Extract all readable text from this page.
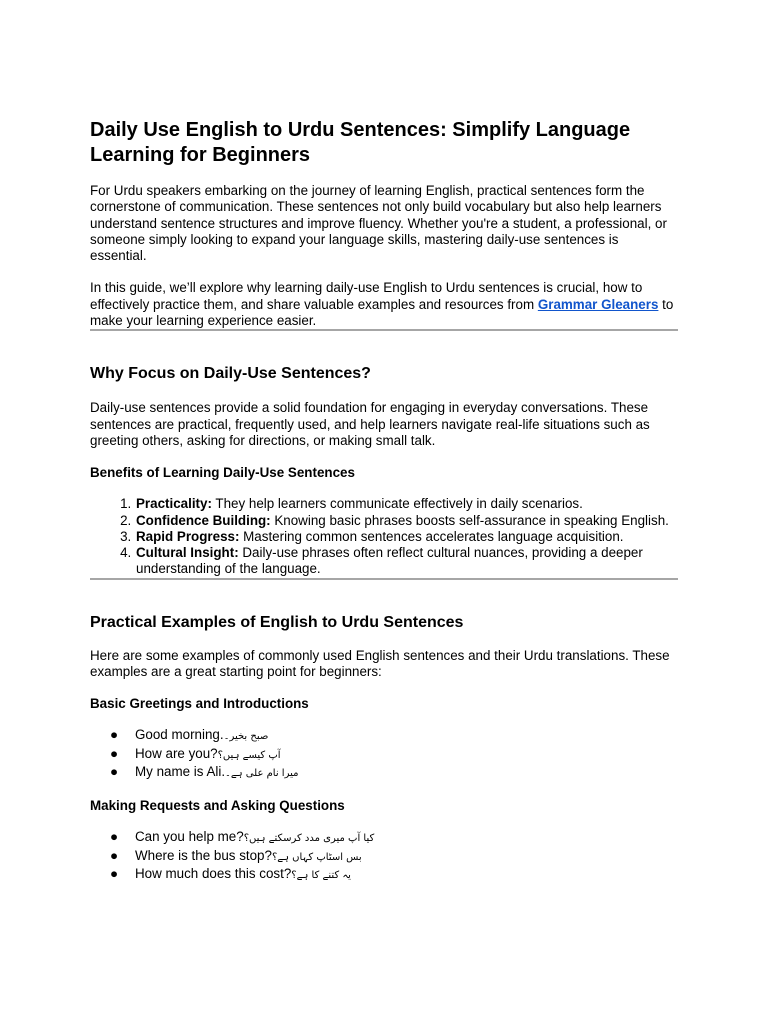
Daily Use English to Urdu Sentences: Simplify Language Learning for Beginners

For Urdu speakers embarking on the journey of learning English, practical sentences form the cornerstone of communication. These sentences not only build vocabulary but also help learners understand sentence structures and improve fluency. Whether you're a student, a professional, or someone simply looking to expand your language skills, mastering daily-use sentences is essential.

In this guide, we’ll explore why learning daily-use English to Urdu sentences is crucial, how to effectively practice them, and share valuable examples and resources from Grammar Gleaners to make your learning experience easier.

Why Focus on Daily-Use Sentences?

Daily-use sentences provide a solid foundation for engaging in everyday conversations. These sentences are practical, frequently used, and help learners navigate real-life situations such as greeting others, asking for directions, or making small talk.

Benefits of Learning Daily-Use Sentences
1. Practicality: They help learners communicate effectively in daily scenarios.
2. Confidence Building: Knowing basic phrases boosts self-assurance in speaking English.
3. Rapid Progress: Mastering common sentences accelerates language acquisition.
4. Cultural Insight: Daily-use phrases often reflect cultural nuances, providing a deeper understanding of the language.
Practical Examples of English to Urdu Sentences

Here are some examples of commonly used English sentences and their Urdu translations. These examples are a great starting point for beginners:

Basic Greetings and Introductions
● Good morning. صبح بخیر۔
● How are you? آپ کیسے ہیں؟
● My name is Ali. میرا نام علی ہے۔
Making Requests and Asking Questions
● Can you help me? کیا آپ میری مدد کرسکتے ہیں؟
● Where is the bus stop? بس اسٹاپ کہاں ہے؟
● How much does this cost? یہ کتنے کا ہے؟
